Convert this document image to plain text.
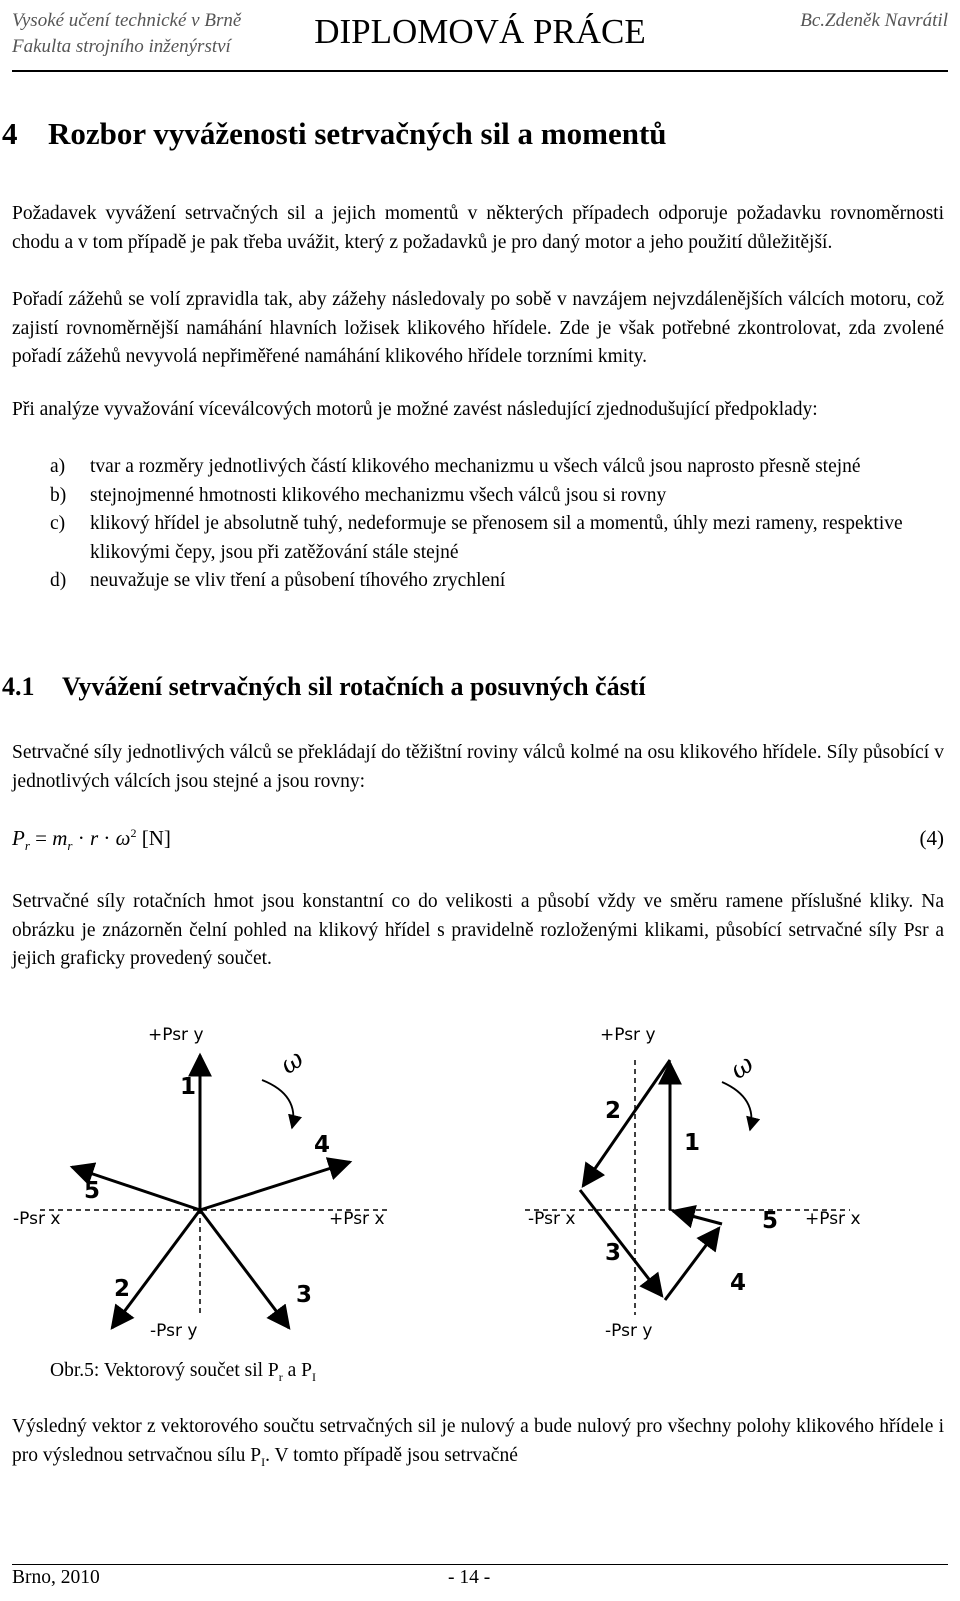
Vysoké učení technické v Brně
Fakulta strojního inženýrství	DIPLOMOVÁ PRÁCE	Bc.Zdeněk Navrátil
4 Rozbor vyváženosti setrvačných sil a momentů

Požadavek vyvážení setrvačných sil a jejich momentů v některých případech odporuje požadavku rovnoměrnosti chodu a v tom případě je pak třeba uvážit, který z požadavků je pro daný motor a jeho použití důležitější.

Pořadí zážehů se volí zpravidla tak, aby zážehy následovaly po sobě v navzájem nejvzdálenějších válcích motoru, což zajistí rovnoměrnější namáhání hlavních ložisek klikového hřídele. Zde je však potřebné zkontrolovat, zda zvolené pořadí zážehů nevyvolá nepřiměřené namáhání klikového hřídele torzními kmity.

Při analýze vyvažování víceválcových motorů je možné zavést následující zjednodušující předpoklady:

a) tvar a rozměry jednotlivých částí klikového mechanizmu u všech válců jsou naprosto přesně stejné
b) stejnojmenné hmotnosti klikového mechanizmu všech válců jsou si rovny
c) klikový hřídel je absolutně tuhý, nedeformuje se přenosem sil a momentů, úhly mezi rameny, respektive klikovými čepy, jsou při zatěžování stále stejné
d) neuvažuje se vliv tření a působení tíhového zrychlení
4.1 Vyvážení setrvačných sil rotačních a posuvných částí

Setrvačné síly jednotlivých válců se překládají do těžištní roviny válců kolmé na osu klikového hřídele. Síly působící v jednotlivých válcích jsou stejné a jsou rovny:

$P_r = m_r \cdot r \cdot \omega^2$ [N]	(4)

Setrvačné síly rotačních hmot jsou konstantní co do velikosti a působí vždy ve směru ramene příslušné kliky. Na obrázku je znázorněn čelní pohled na klikový hřídel s pravidelně rozloženými klikami, působící setrvačné síly Psr a jejich graficky provedený součet.

+Psr y
-Psr y
-Psr x	+Psr x
ω
1
2	3
4
5
+Psr y
-Psr y
-Psr x	+Psr x
ω
1
2
3
4
5

Obr.5: Vektorový součet sil $P_r$ a $P_I$

Výsledný vektor z vektorového součtu setrvačných sil je nulový a bude nulový pro všechny polohy klikového hřídele i pro výslednou setrvačnou sílu $P_I$. V tomto případě jsou setrvačné

Brno, 2010	- 14 -
